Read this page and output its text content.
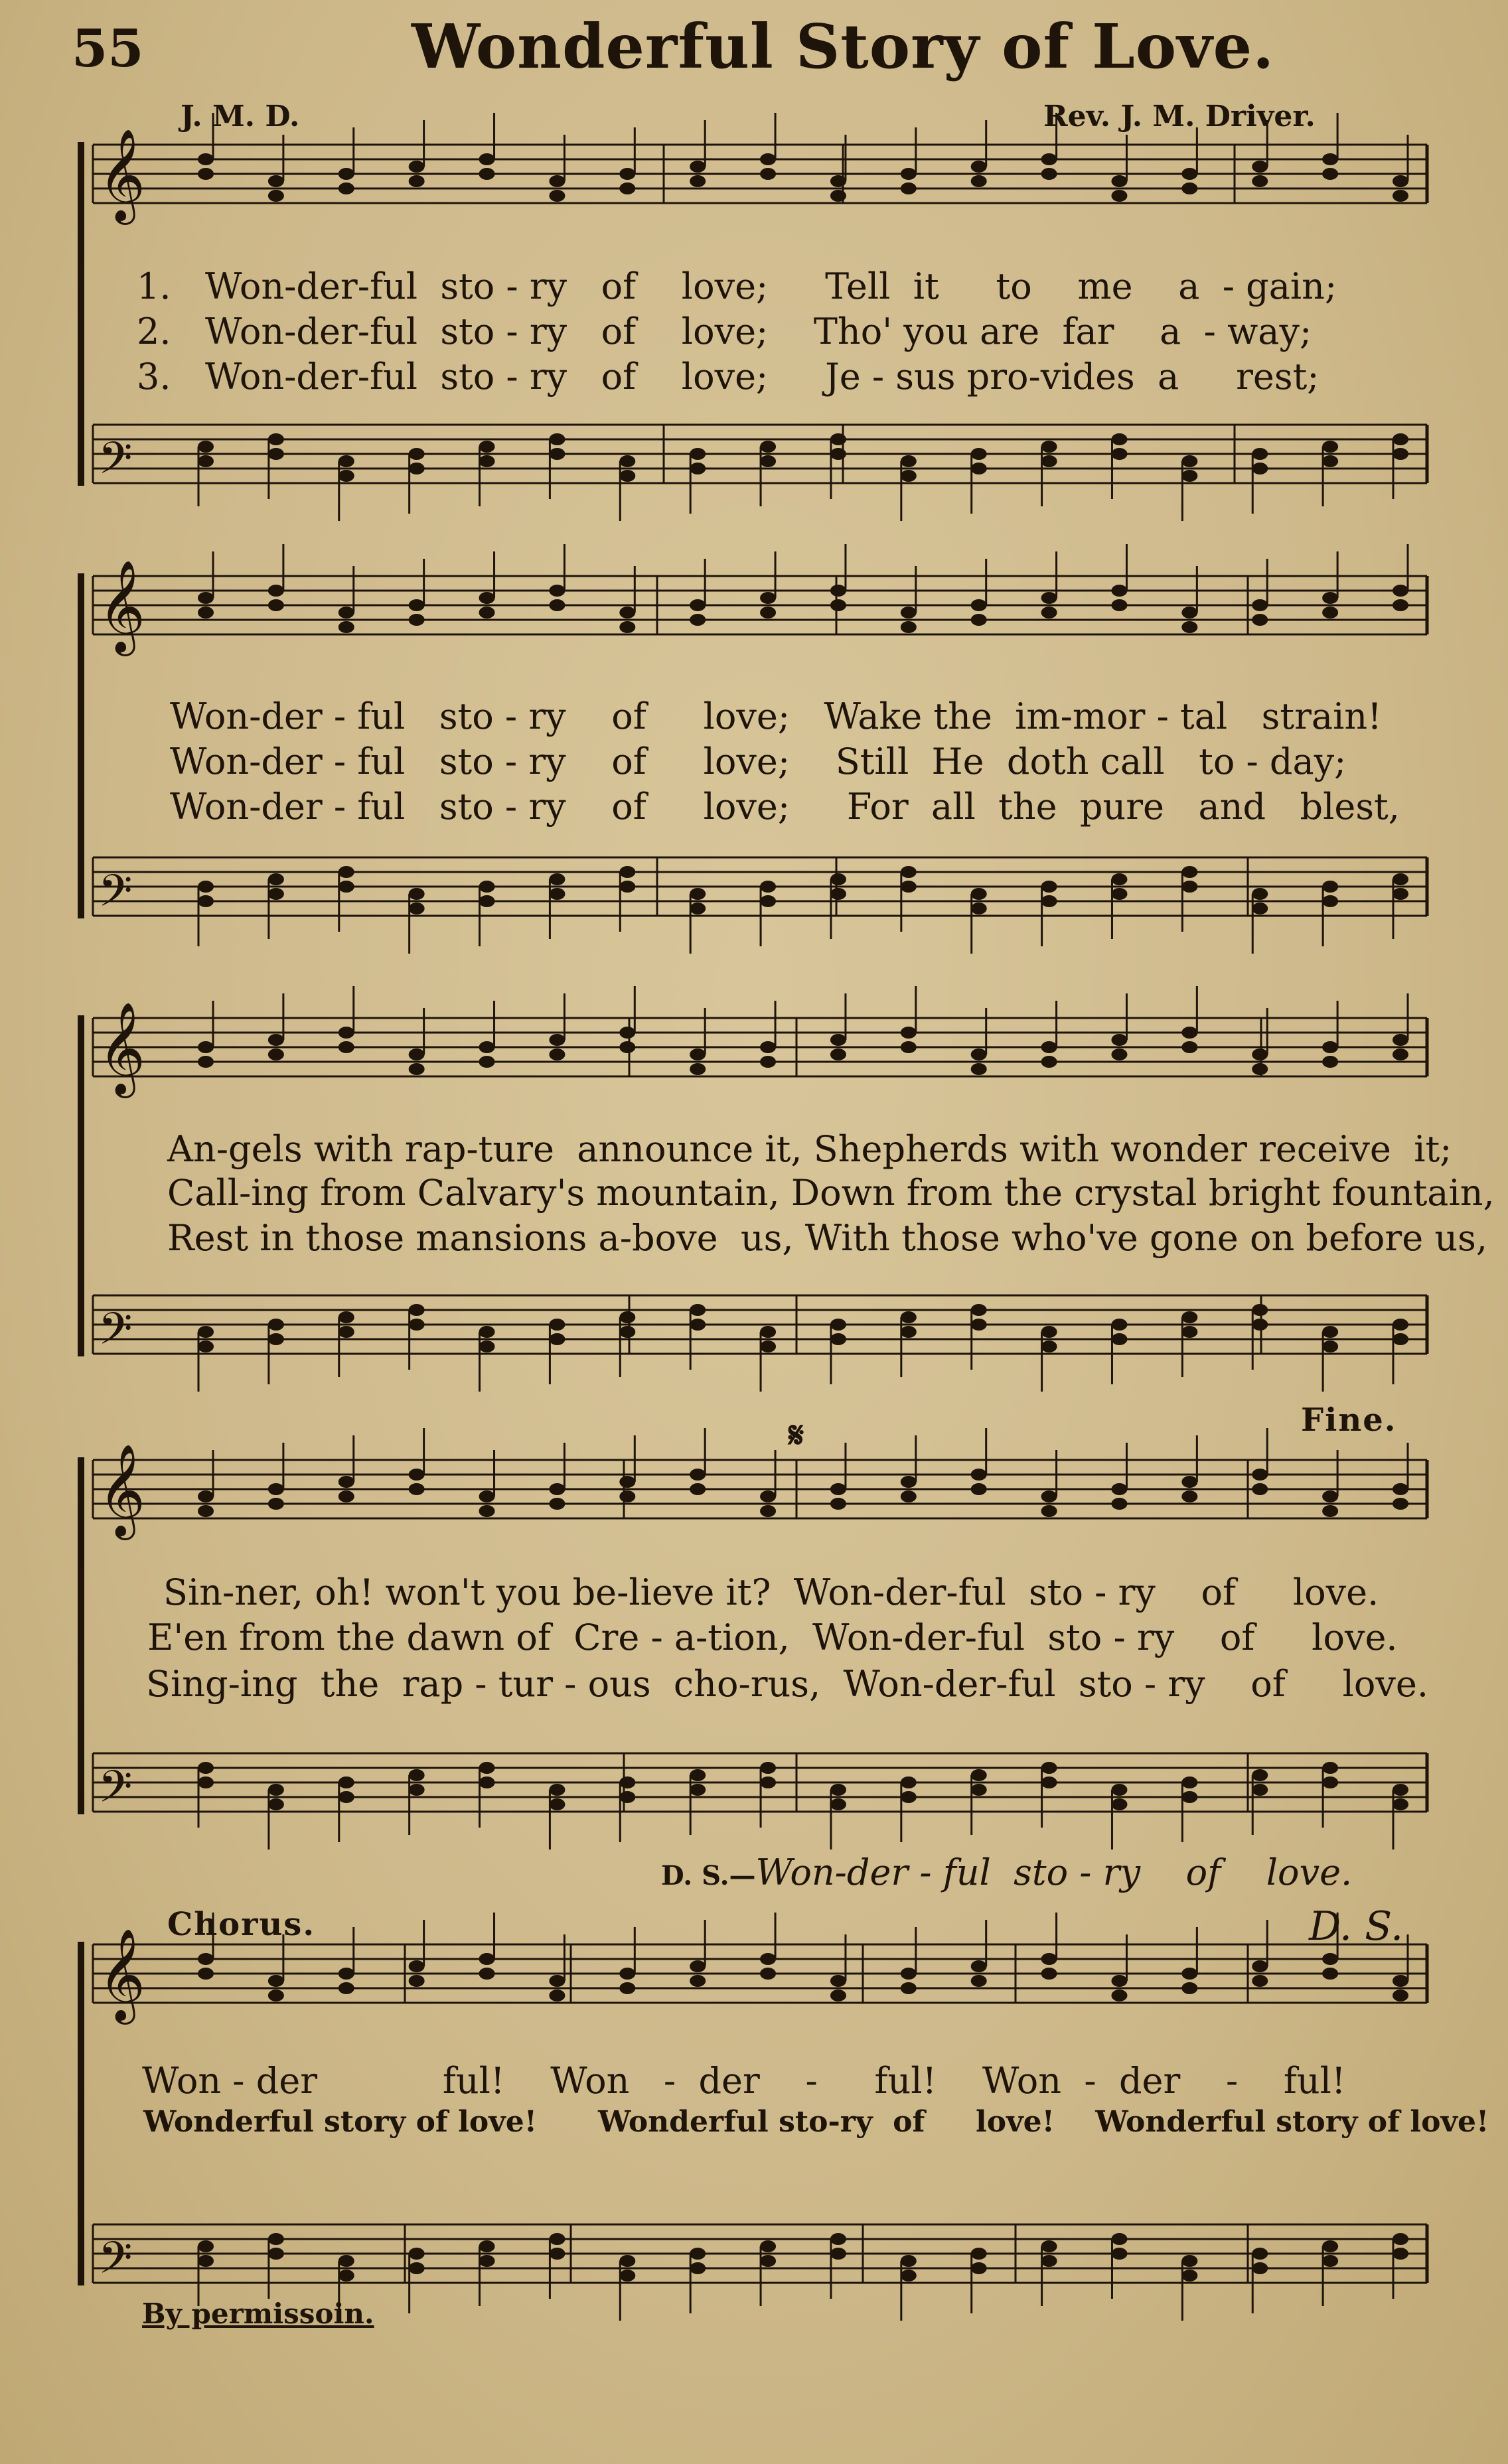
55	Wonderful Story of Love.
J. M. D.	Rev. J. M. Driver.
𝄞
𝄢
𝄞
𝄢
𝄞
𝄢
𝄞
𝄢
𝄞
𝄢
1.   Won-der-ful  sto - ry   of    love;     Tell  it     to    me    a  - gain;
2.   Won-der-ful  sto - ry   of    love;    Tho' you are  far    a  - way;
3.   Won-der-ful  sto - ry   of    love;     Je - sus pro-vides  a     rest;
Won-der - ful   sto - ry    of     love;   Wake the  im-mor - tal   strain!
Won-der - ful   sto - ry    of     love;    Still  He  doth call   to - day;
Won-der - ful   sto - ry    of     love;     For  all  the  pure   and   blest,
An-gels with rap-ture  announce it, Shepherds with wonder receive  it;
Call-ing from Calvary's mountain, Down from the crystal bright fountain,
Rest in those mansions a-bove  us, With those who've gone on before us,
Fine.
𝄋
Sin-ner, oh! won't you be-lieve it?  Won-der-ful  sto - ry    of     love.
E'en from the dawn of  Cre - a-tion,  Won-der-ful  sto - ry    of     love.
Sing-ing  the  rap - tur - ous  cho-rus,  Won-der-ful  sto - ry    of     love.
D. S.—Won-der - ful  sto - ry    of    love.
Chorus.	D. S.
Won - der           ful!    Won   -  der    -     ful!    Won  -  der    -    ful!
Wonderful story of love!      Wonderful sto-ry  of     love!    Wonderful story of love!
By permissoin.
